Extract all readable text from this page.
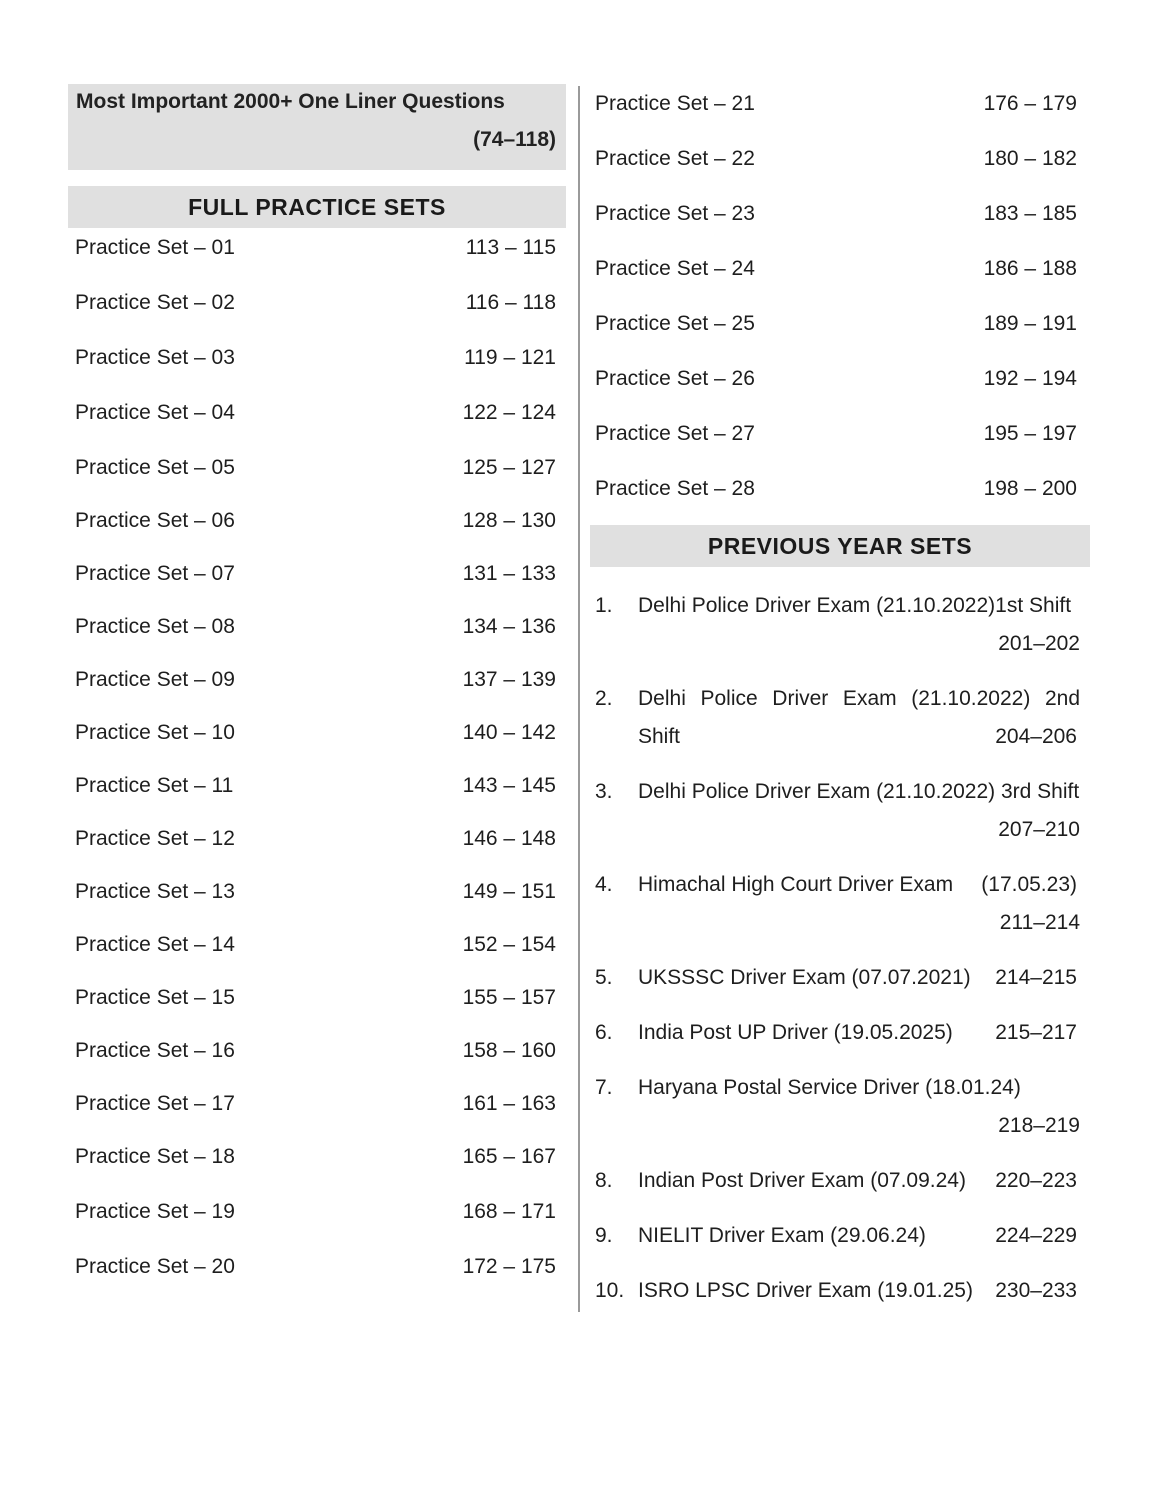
Most Important 2000+ One Liner Questions
(74–118)
FULL PRACTICE SETS
Practice Set – 01	113 – 115
Practice Set – 02	116 – 118
Practice Set – 03	119 – 121
Practice Set – 04	122 – 124
Practice Set – 05	125 – 127
Practice Set – 06	128 – 130
Practice Set – 07	131 – 133
Practice Set – 08	134 – 136
Practice Set – 09	137 – 139
Practice Set – 10	140 – 142
Practice Set – 11	143 – 145
Practice Set – 12	146 – 148
Practice Set – 13	149 – 151
Practice Set – 14	152 – 154
Practice Set – 15	155 – 157
Practice Set – 16	158 – 160
Practice Set – 17	161 – 163
Practice Set – 18	165 – 167
Practice Set – 19	168 – 171
Practice Set – 20	172 – 175
Practice Set – 21	176 – 179
Practice Set – 22	180 – 182
Practice Set – 23	183 – 185
Practice Set – 24	186 – 188
Practice Set – 25	189 – 191
Practice Set – 26	192 – 194
Practice Set – 27	195 – 197
Practice Set – 28	198 – 200
PREVIOUS YEAR SETS
1. Delhi Police Driver Exam (21.10.2022)1st Shift
201–202
2. Delhi Police Driver Exam (21.10.2022) 2nd
Shift	204–206
3. Delhi Police Driver Exam (21.10.2022) 3rd Shift
207–210
4. Himachal High Court Driver Exam	(17.05.23)
211–214
5. UKSSSC Driver Exam (07.07.2021)	214–215
6. India Post UP Driver (19.05.2025)	215–217
7. Haryana Postal Service Driver (18.01.24)
218–219
8. Indian Post Driver Exam (07.09.24)	220–223
9. NIELIT Driver Exam (29.06.24)	224–229
10. ISRO LPSC Driver Exam (19.01.25)	230–233
